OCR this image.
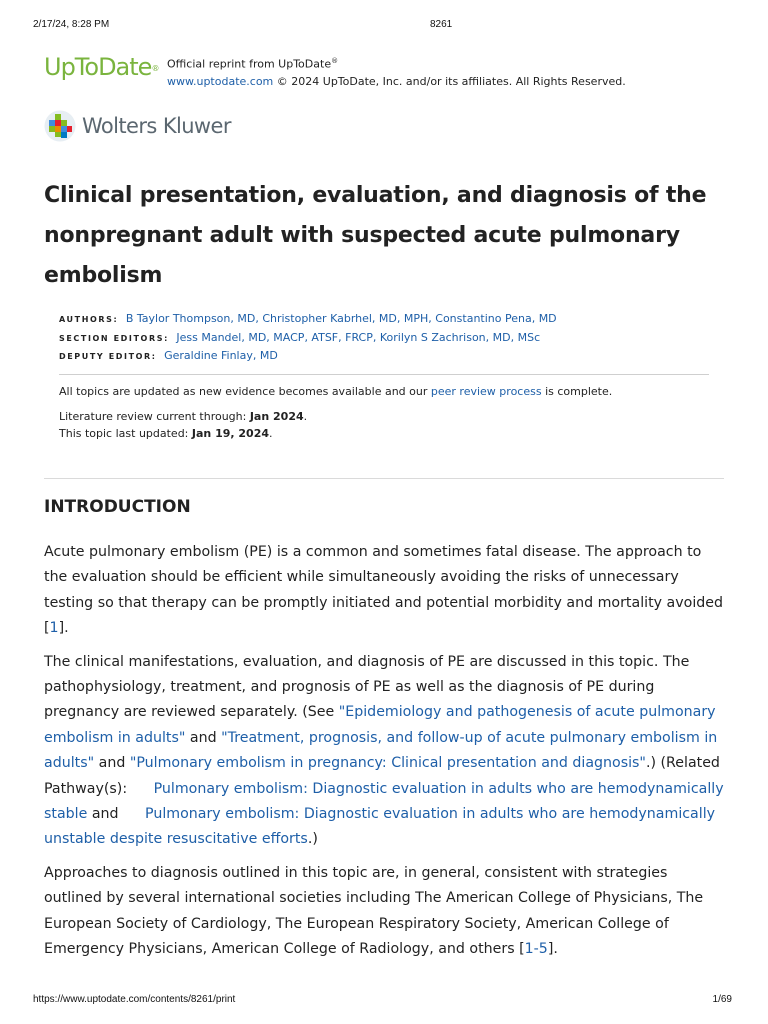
2/17/24, 8:28 PM	8261
UpToDate® Official reprint from UpToDate®
www.uptodate.com © 2024 UpToDate, Inc. and/or its affiliates. All Rights Reserved.
Wolters Kluwer
Clinical presentation, evaluation, and diagnosis of the nonpregnant adult with suspected acute pulmonary embolism
AUTHORS: B Taylor Thompson, MD, Christopher Kabrhel, MD, MPH, Constantino Pena, MD
SECTION EDITORS: Jess Mandel, MD, MACP, ATSF, FRCP, Korilyn S Zachrison, MD, MSc
DEPUTY EDITOR: Geraldine Finlay, MD
All topics are updated as new evidence becomes available and our peer review process is complete.
Literature review current through: Jan 2024.
This topic last updated: Jan 19, 2024.
INTRODUCTION

Acute pulmonary embolism (PE) is a common and sometimes fatal disease. The approach to the evaluation should be efficient while simultaneously avoiding the risks of unnecessary testing so that therapy can be promptly initiated and potential morbidity and mortality avoided [1].

The clinical manifestations, evaluation, and diagnosis of PE are discussed in this topic. The pathophysiology, treatment, and prognosis of PE as well as the diagnosis of PE during pregnancy are reviewed separately. (See "Epidemiology and pathogenesis of acute pulmonary embolism in adults" and "Treatment, prognosis, and follow-up of acute pulmonary embolism in adults" and "Pulmonary embolism in pregnancy: Clinical presentation and diagnosis".) (Related Pathway(s): Pulmonary embolism: Diagnostic evaluation in adults who are hemodynamically stable and Pulmonary embolism: Diagnostic evaluation in adults who are hemodynamically unstable despite resuscitative efforts.)

Approaches to diagnosis outlined in this topic are, in general, consistent with strategies outlined by several international societies including The American College of Physicians, The European Society of Cardiology, The European Respiratory Society, American College of Emergency Physicians, American College of Radiology, and others [1-5].

https://www.uptodate.com/contents/8261/print	1/69
